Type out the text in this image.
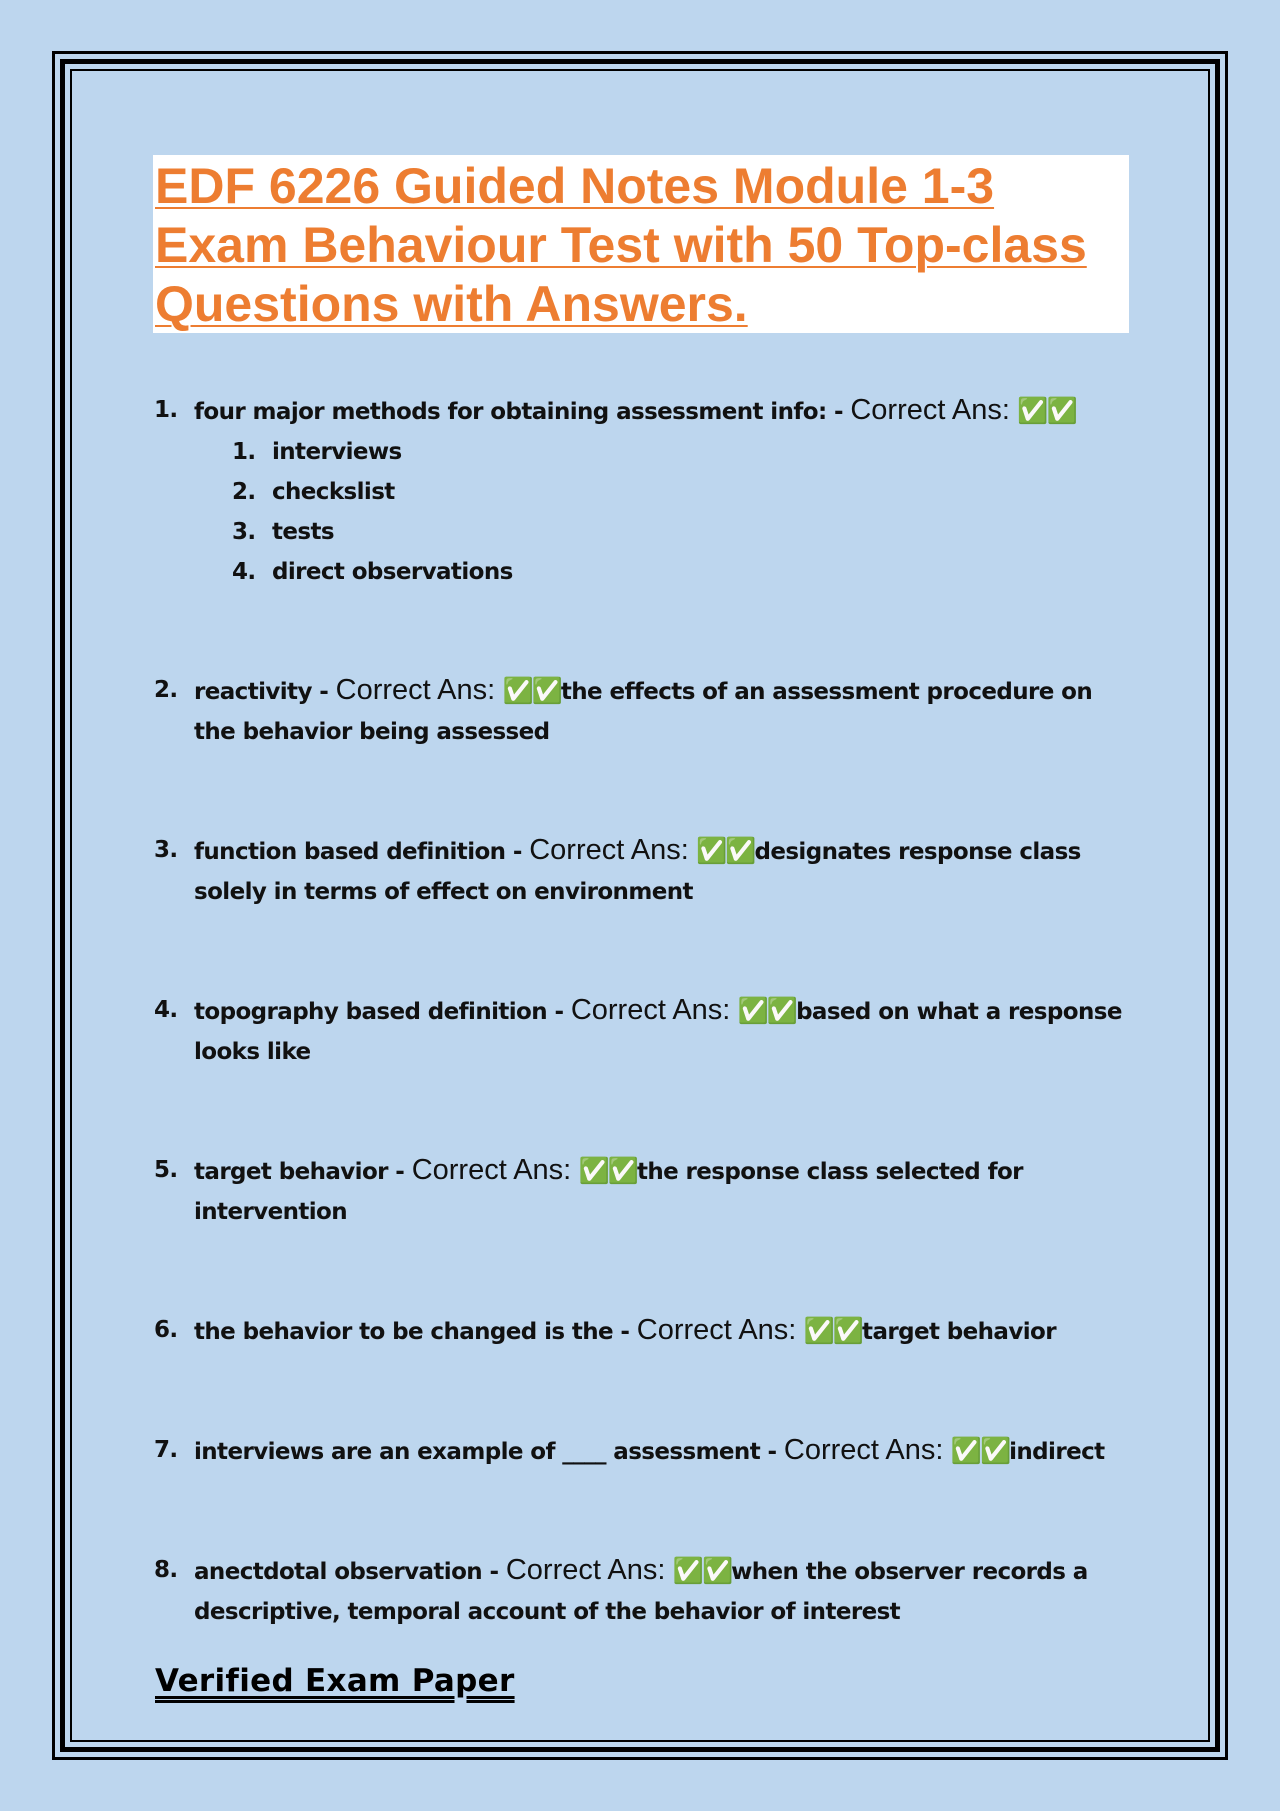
EDF 6226 Guided Notes Module 1-3 Exam Behaviour Test with 50 Top-class Questions with Answers.
1. four major methods for obtaining assessment info: - Correct Ans: ✅✅
1. interviews
2. checkslist
3. tests
4. direct observations
2. reactivity - Correct Ans: ✅✅the effects of an assessment procedure on the behavior being assessed
3. function based definition - Correct Ans: ✅✅designates response class solely in terms of effect on environment
4. topography based definition - Correct Ans: ✅✅based on what a response looks like
5. target behavior - Correct Ans: ✅✅the response class selected for intervention
6. the behavior to be changed is the - Correct Ans: ✅✅target behavior
7. interviews are an example of ____ assessment - Correct Ans: ✅✅indirect
8. anectdotal observation - Correct Ans: ✅✅when the observer records a descriptive, temporal account of the behavior of interest

Verified Exam Paper
